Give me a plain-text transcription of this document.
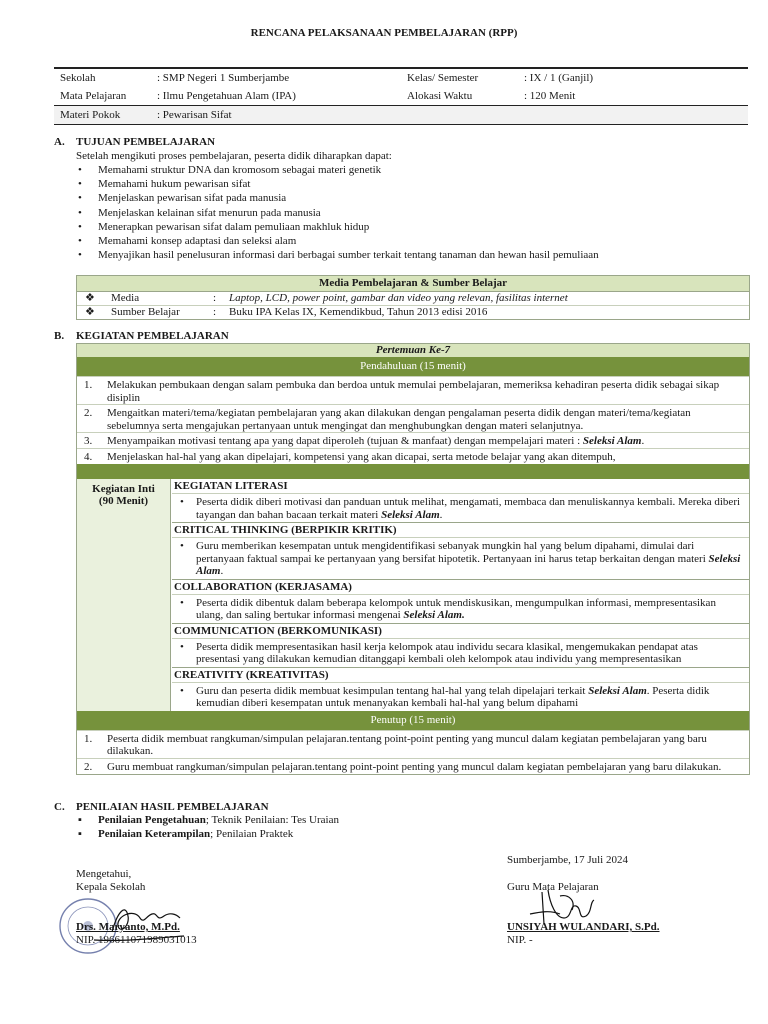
RENCANA PELAKSANAAN PEMBELAJARAN (RPP)
Sekolah	: SMP Negeri 1 Sumberjambe	Kelas/ Semester	: IX / 1 (Ganjil)
Mata Pelajaran	: Ilmu Pengetahuan Alam (IPA)	Alokasi Waktu	: 120 Menit
Materi Pokok	: Pewarisan Sifat
A. TUJUAN PEMBELAJARAN
Setelah mengikuti proses pembelajaran, peserta didik diharapkan dapat:
• Memahami struktur DNA dan kromosom sebagai materi genetik
• Memahami hukum pewarisan sifat
• Menjelaskan pewarisan sifat pada manusia
• Menjelaskan kelainan sifat menurun pada manusia
• Menerapkan pewarisan sifat dalam pemuliaan makhluk hidup
• Memahami konsep adaptasi dan seleksi alam
• Menyajikan hasil penelusuran informasi dari berbagai sumber terkait tentang tanaman dan hewan hasil pemuliaan
Media Pembelajaran & Sumber Belajar
❖ Media	: Laptop, LCD, power point, gambar dan video yang relevan, fasilitas internet
❖ Sumber Belajar	: Buku IPA Kelas IX, Kemendikbud, Tahun 2013 edisi 2016
B. KEGIATAN PEMBELAJARAN
Pertemuan Ke-7
Pendahuluan (15 menit)
1. Melakukan pembukaan dengan salam pembuka dan berdoa untuk memulai pembelajaran, memeriksa kehadiran peserta didik sebagai sikap disiplin
2. Mengaitkan materi/tema/kegiatan pembelajaran yang akan dilakukan dengan pengalaman peserta didik dengan materi/tema/kegiatan sebelumnya serta mengajukan pertanyaan untuk mengingat dan menghubungkan dengan materi selanjutnya.
3. Menyampaikan motivasi tentang apa yang dapat diperoleh (tujuan & manfaat) dengan mempelajari materi : Seleksi Alam.
4. Menjelaskan hal-hal yang akan dipelajari, kompetensi yang akan dicapai, serta metode belajar yang akan ditempuh,
Kegiatan Inti
(90 Menit)
KEGIATAN LITERASI
• Peserta didik diberi motivasi dan panduan untuk melihat, mengamati, membaca dan menuliskannya kembali. Mereka diberi tayangan dan bahan bacaan terkait materi Seleksi Alam.
CRITICAL THINKING (BERPIKIR KRITIK)
• Guru memberikan kesempatan untuk mengidentifikasi sebanyak mungkin hal yang belum dipahami, dimulai dari pertanyaan faktual sampai ke pertanyaan yang bersifat hipotetik. Pertanyaan ini harus tetap berkaitan dengan materi Seleksi Alam.
COLLABORATION (KERJASAMA)
• Peserta didik dibentuk dalam beberapa kelompok untuk mendiskusikan, mengumpulkan informasi, mempresentasikan ulang, dan saling bertukar informasi mengenai Seleksi Alam.
COMMUNICATION (BERKOMUNIKASI)
• Peserta didik mempresentasikan hasil kerja kelompok atau individu secara klasikal, mengemukakan pendapat atas presentasi yang dilakukan kemudian ditanggapi kembali oleh kelompok atau individu yang mempresentasikan
CREATIVITY (KREATIVITAS)
• Guru dan peserta didik membuat kesimpulan tentang hal-hal yang telah dipelajari terkait Seleksi Alam. Peserta didik kemudian diberi kesempatan untuk menanyakan kembali hal-hal yang belum dipahami
Penutup (15 menit)
1. Peserta didik membuat rangkuman/simpulan pelajaran.tentang point-point penting yang muncul dalam kegiatan pembelajaran yang baru dilakukan.
2. Guru membuat rangkuman/simpulan pelajaran.tentang point-point penting yang muncul dalam kegiatan pembelajaran yang baru dilakukan.
C. PENILAIAN HASIL PEMBELAJARAN
▪ Penilaian Pengetahuan; Teknik Penilaian: Tes Uraian
▪ Penilaian Keterampilan; Penilaian Praktek
Sumberjambe, 17 Juli 2024
Mengetahui,
Kepala Sekolah	Guru Mata Pelajaran
Drs. Maryanto, M.Pd.
NIP. 196611071989031013
UNSIYAH WULANDARI, S.Pd.
NIP. -
